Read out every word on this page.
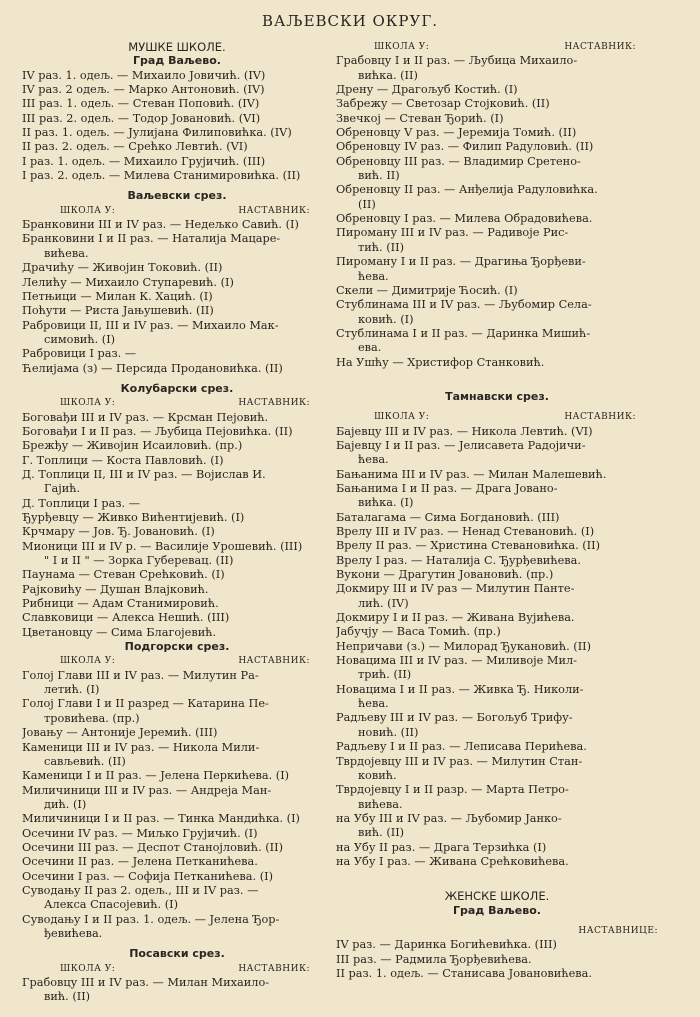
ВАЉЕВСКИ ОКРУГ.
МУШКЕ ШКОЛЕ.
Град Ваљево.
IV раз. 1. одељ. — Михаило Јовичић. (IV)
IV раз. 2 одељ. — Марко Антоновић. (IV)
III раз. 1. одељ. — Стеван Поповић. (IV)
III раз. 2. одељ. — Тодор Јовановић. (VI)
II раз. 1. одељ. — Јулијана Филиповићка. (IV)
II раз. 2. одељ. — Срећко Левтић. (VI)
I раз. 1. одељ. — Михаило Грујичић. (III)
I раз. 2. одељ. — Милева Станимировићка. (II)
Ваљевски срез.
ШКОЛА У:	НАСТАВНИК:
Бранковини III и IV раз. — Недељко Савић. (I)
Бранковини I и II раз. — Наталија Мацаре-
вићева.
Драчићу — Живојин Токовић. (II)
Лелићу — Михаило Ступаревић. (I)
Петњици — Милан К. Хацић. (I)
Поћути — Риста Јањушевић. (II)
Рабровици II, III и IV раз. — Михаило Мак-
симовић. (I)
Рабровици I раз. —
Ћелијама (з) — Персида Продановићка. (II)
Колубарски срез.
ШКОЛА У:	НАСТАВНИК:
Боговађи III и IV раз. — Крсман Пејовић.
Боговађи I и II раз. — Љубица Пејовићка. (II)
Брежђу — Живојин Исаиловић. (пр.)
Г. Топлици — Коста Павловић. (I)
Д. Топлици II, III и IV раз. — Војислав И.
Гајић.
Д. Топлици I раз. —
Ђурђевцу — Живко Вићентијевић. (I)
Крчмару — Јов. Ђ. Јовановић. (I)
Мионици III и IV р. — Василије Урошевић. (III)
" I и II " — Зорка Губеревац. (II)
Паунама — Стеван Срећковић. (I)
Рајковићу — Душан Влајковић.
Рибници — Адам Станимировић.
Славковици — Алекса Нешић. (III)
Цветановцу — Сима Благојевић.
Подгорски срез.
ШКОЛА У:	НАСТАВНИК:
Голој Глави III и IV раз. — Милутин Ра-
летић. (I)
Голој Глави I и II разред — Катарина Пе-
тровићева. (пр.)
Јовању — Антоније Јеремић. (III)
Каменици III и IV раз. — Никола Мили-
сављевић. (II)
Каменици I и II раз. — Јелена Перкићева. (I)
Миличиници III и IV раз. — Андреја Ман-
дић. (I)
Миличиници I и II раз. — Тинка Мандићка. (I)
Осечини IV раз. — Миљко Грујичић. (I)
Осечини III раз. — Деспот Станојловић. (II)
Осечини II раз. — Јелена Петканићева.
Осечини I раз. — Софија Петканићева. (I)
Суводању II раз 2. одељ., III и IV раз. —
Алекса Спасојевић. (I)
Суводању I и II раз. 1. одељ. — Јелена Ђор-
ђевићева.
Посавски срез.
ШКОЛА У:	НАСТАВНИК:
Грабовцу III и IV раз. — Милан Михаило-
вић. (II)
ШКОЛА У:	НАСТАВНИК:
Грабовцу I и II раз. — Љубица Михаило-
вићка. (II)
Дрену — Драгољуб Костић. (I)
Забрежу — Светозар Стојковић. (II)
Звечкој — Стеван Ђорић. (I)
Обреновцу V раз. — Јеремија Томић. (II)
Обреновцу IV раз. — Филип Радуловић. (II)
Обреновцу III раз. — Владимир Сретено-
вић. II)
Обреновцу II раз. — Анђелија Радуловићка.
(II)
Обреновцу I раз. — Милева Обрадовићева.
Пироману III и IV раз. — Радивоје Рис-
тић. (II)
Пироману I и II раз. — Драгиња Ђорђеви-
ћева.
Скели — Димитрије Ћосић. (I)
Стублинама III и IV раз. — Љубомир Села-
ковић. (I)
Стублинама I и II раз. — Даринка Мишић-
ева.
На Ушћу — Христифор Станковић.
Тамнавски срез.
ШКОЛА У:	НАСТАВНИК:
Бајевцу III и IV раз. — Никола Левтић. (VI)
Бајевцу I и II раз. — Јелисавета Радојичи-
ћева.
Бањанима III и IV раз. — Милан Малешевић.
Бањанима I и II раз. — Драга Јовано-
вићка. (I)
Баталагама — Сима Богдановић. (III)
Врелу III и IV раз. — Ненад Стевановић. (I)
Врелу II раз. — Христина Стевановићка. (II)
Врелу I раз. — Наталија С. Ђурђевићева.
Вукони — Драгутин Јовановић. (пр.)
Докмиру III и IV раз — Милутин Панте-
лић. (IV)
Докмиру I и II раз. — Живана Вујићева.
Јабучју — Васа Томић. (пр.)
Непричави (з.) — Милорад Ђукановић. (II)
Новацима III и IV раз. — Миливоје Мил-
трић. (II)
Новацима I и II раз. — Живка Ђ. Николи-
ћева.
Радљеву III и IV раз. — Богољуб Трифу-
новић. (II)
Радљеву I и II раз. — Леписава Перићева.
Тврдојевцу III и IV раз. — Милутин Стан-
ковић.
Тврдојевцу I и II разр. — Марта Петро-
вићева.
на Убу III и IV раз. — Љубомир Јанко-
вић. (II)
на Убу II раз. — Драга Терзићка (I)
на Убу I раз. — Живана Срећковићева.
ЖЕНСКЕ ШКОЛЕ.
Град Ваљево.
НАСТАВНИЦЕ:
IV раз. — Даринка Богићевићка. (III)
III раз. — Радмила Ђорђевићева.
II раз. 1. одељ. — Станисава Јовановићева.
